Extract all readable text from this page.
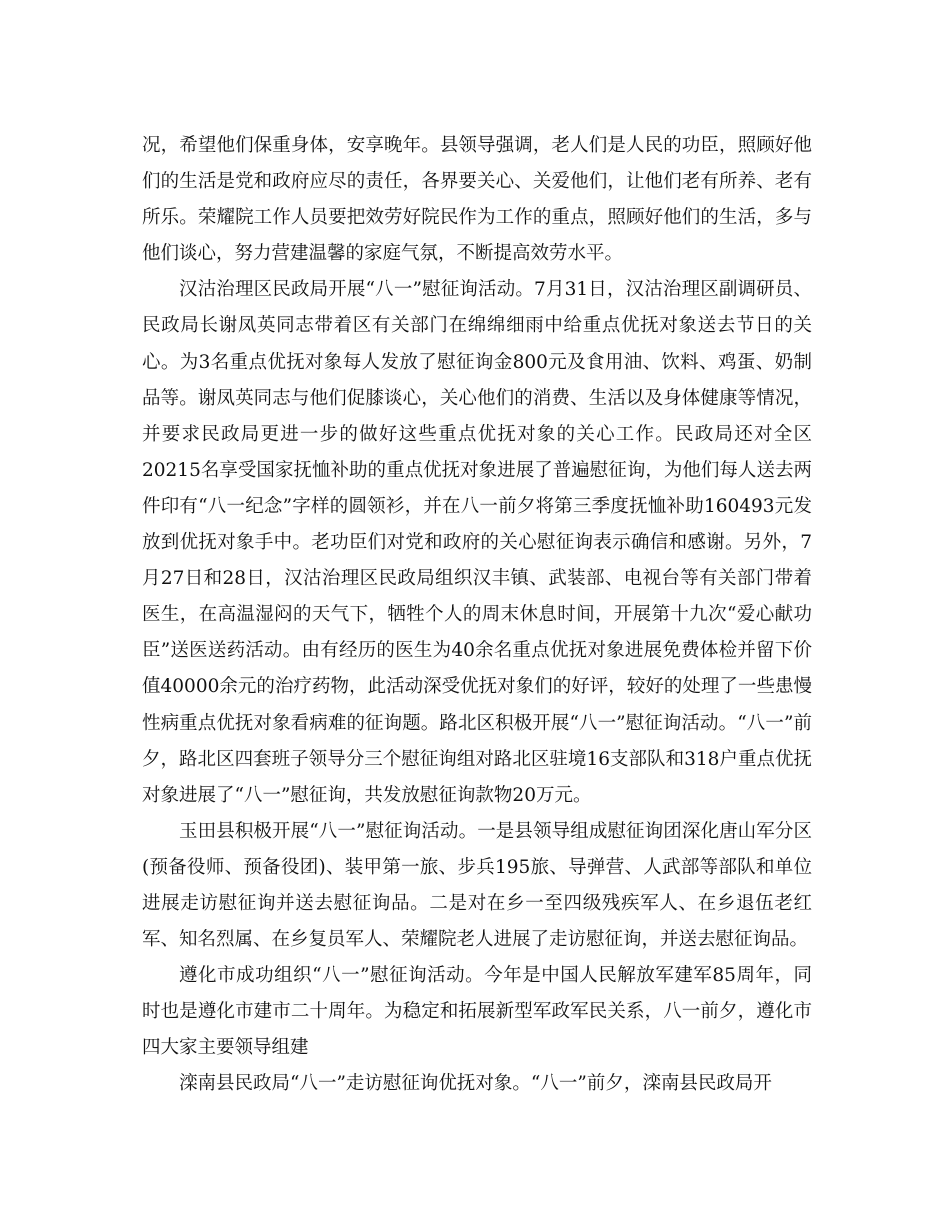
况，希望他们保重身体，安享晚年。县领导强调，老人们是人民的功臣，照顾好他们的生活是党和政府应尽的责任，各界要关心、关爱他们，让他们老有所养、老有所乐。荣耀院工作人员要把效劳好院民作为工作的重点，照顾好他们的生活，多与他们谈心，努力营建温馨的家庭气氛，不断提高效劳水平。

汉沽治理区民政局开展“八一”慰征询活动。7月31日，汉沽治理区副调研员、民政局长谢凤英同志带着区有关部门在绵绵细雨中给重点优抚对象送去节日的关心。为3名重点优抚对象每人发放了慰征询金800元及食用油、饮料、鸡蛋、奶制品等。谢凤英同志与他们促膝谈心，关心他们的消费、生活以及身体健康等情况，并要求民政局更进一步的做好这些重点优抚对象的关心工作。民政局还对全区20215名享受国家抚恤补助的重点优抚对象进展了普遍慰征询，为他们每人送去两件印有“八一纪念”字样的圆领衫，并在八一前夕将第三季度抚恤补助160493元发放到优抚对象手中。老功臣们对党和政府的关心慰征询表示确信和感谢。另外，7月27日和28日，汉沽治理区民政局组织汉丰镇、武装部、电视台等有关部门带着医生，在高温湿闷的天气下，牺牲个人的周末休息时间，开展第十九次“爱心献功臣”送医送药活动。由有经历的医生为40余名重点优抚对象进展免费体检并留下价值40000余元的治疗药物，此活动深受优抚对象们的好评，较好的处理了一些患慢性病重点优抚对象看病难的征询题。路北区积极开展“八一”慰征询活动。“八一”前夕，路北区四套班子领导分三个慰征询组对路北区驻境16支部队和318户重点优抚对象进展了“八一”慰征询，共发放慰征询款物20万元。

玉田县积极开展“八一”慰征询活动。一是县领导组成慰征询团深化唐山军分区(预备役师、预备役团)、装甲第一旅、步兵195旅、导弹营、人武部等部队和单位进展走访慰征询并送去慰征询品。二是对在乡一至四级残疾军人、在乡退伍老红军、知名烈属、在乡复员军人、荣耀院老人进展了走访慰征询，并送去慰征询品。

遵化市成功组织“八一”慰征询活动。今年是中国人民解放军建军85周年，同时也是遵化市建市二十周年。为稳定和拓展新型军政军民关系，八一前夕，遵化市四大家主要领导组建

滦南县民政局“八一”走访慰征询优抚对象。“八一”前夕，滦南县民政局开
